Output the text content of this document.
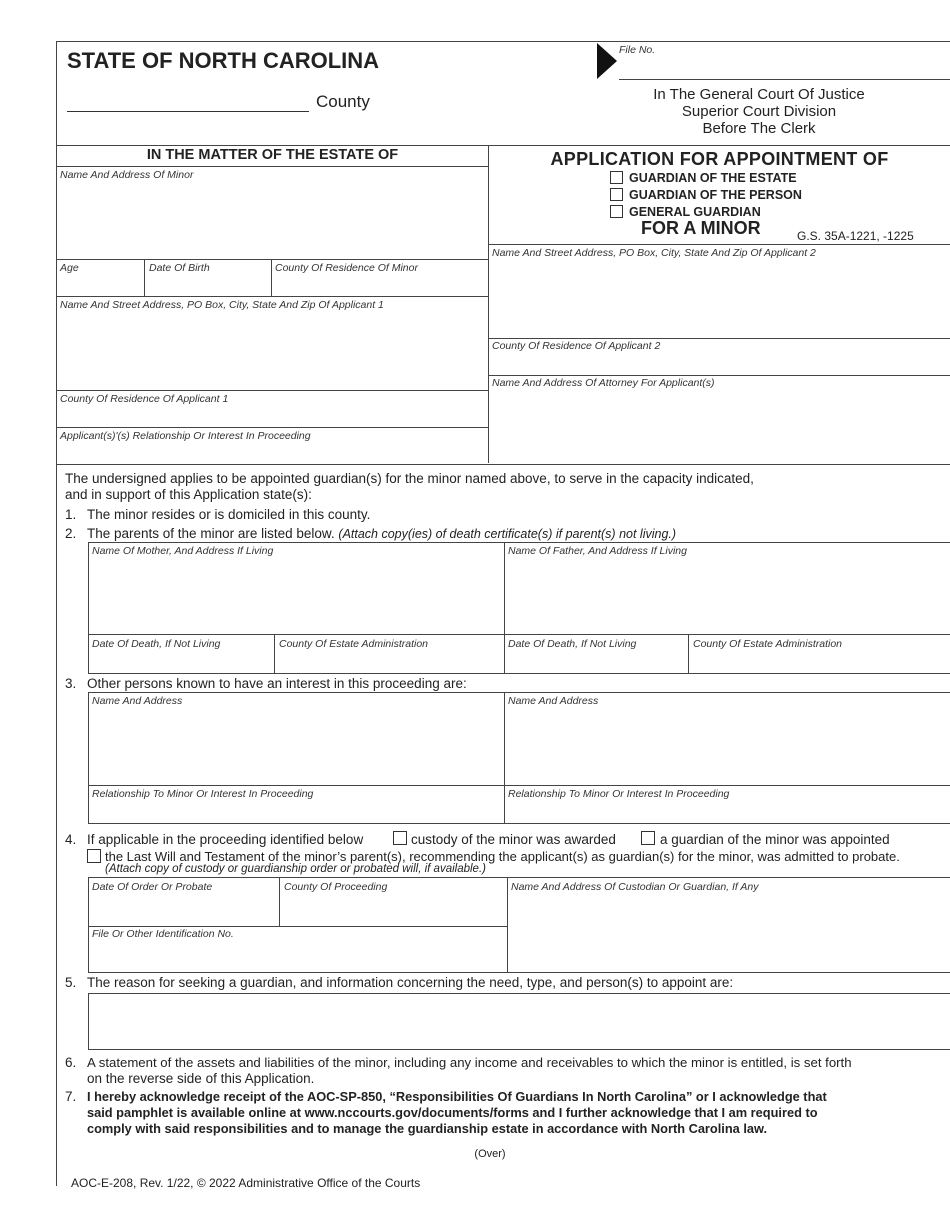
STATE OF NORTH CAROLINA
County
File No.
In The General Court Of Justice
Superior Court Division
Before The Clerk
IN THE MATTER OF THE ESTATE OF
Name And Address Of Minor
Age	Date Of Birth	County Of Residence Of Minor
Name And Street Address, PO Box, City, State And Zip Of Applicant 1
County Of Residence Of Applicant 1
Applicant(s)'(s) Relationship Or Interest In Proceeding
APPLICATION FOR APPOINTMENT OF
GUARDIAN OF THE ESTATE
GUARDIAN OF THE PERSON
GENERAL GUARDIAN
FOR A MINOR	G.S. 35A-1221, -1225
Name And Street Address, PO Box, City, State And Zip Of Applicant 2
County Of Residence Of Applicant 2
Name And Address Of Attorney For Applicant(s)
The undersigned applies to be appointed guardian(s) for the minor named above, to serve in the capacity indicated,
and in support of this Application state(s):
1. The minor resides or is domiciled in this county.
2. The parents of the minor are listed below. (Attach copy(ies) of death certificate(s) if parent(s) not living.)
Name Of Mother, And Address If Living	Name Of Father, And Address If Living
Date Of Death, If Not Living	County Of Estate Administration	Date Of Death, If Not Living	County Of Estate Administration
3. Other persons known to have an interest in this proceeding are:
Name And Address	Name And Address
Relationship To Minor Or Interest In Proceeding	Relationship To Minor Or Interest In Proceeding
4. If applicable in the proceeding identified below	custody of the minor was awarded	a guardian of the minor was appointed
the Last Will and Testament of the minor’s parent(s), recommending the applicant(s) as guardian(s) for the minor, was admitted to probate.
(Attach copy of custody or guardianship order or probated will, if available.)
Date Of Order Or Probate	County Of Proceeding	Name And Address Of Custodian Or Guardian, If Any
File Or Other Identification No.
5. The reason for seeking a guardian, and information concerning the need, type, and person(s) to appoint are:
6. A statement of the assets and liabilities of the minor, including any income and receivables to which the minor is entitled, is set forth
on the reverse side of this Application.
7. I hereby acknowledge receipt of the AOC-SP-850, “Responsibilities Of Guardians In North Carolina” or I acknowledge that
said pamphlet is available online at www.nccourts.gov/documents/forms and I further acknowledge that I am required to
comply with said responsibilities and to manage the guardianship estate in accordance with North Carolina law.
(Over)
AOC-E-208, Rev. 1/22, © 2022 Administrative Office of the Courts
